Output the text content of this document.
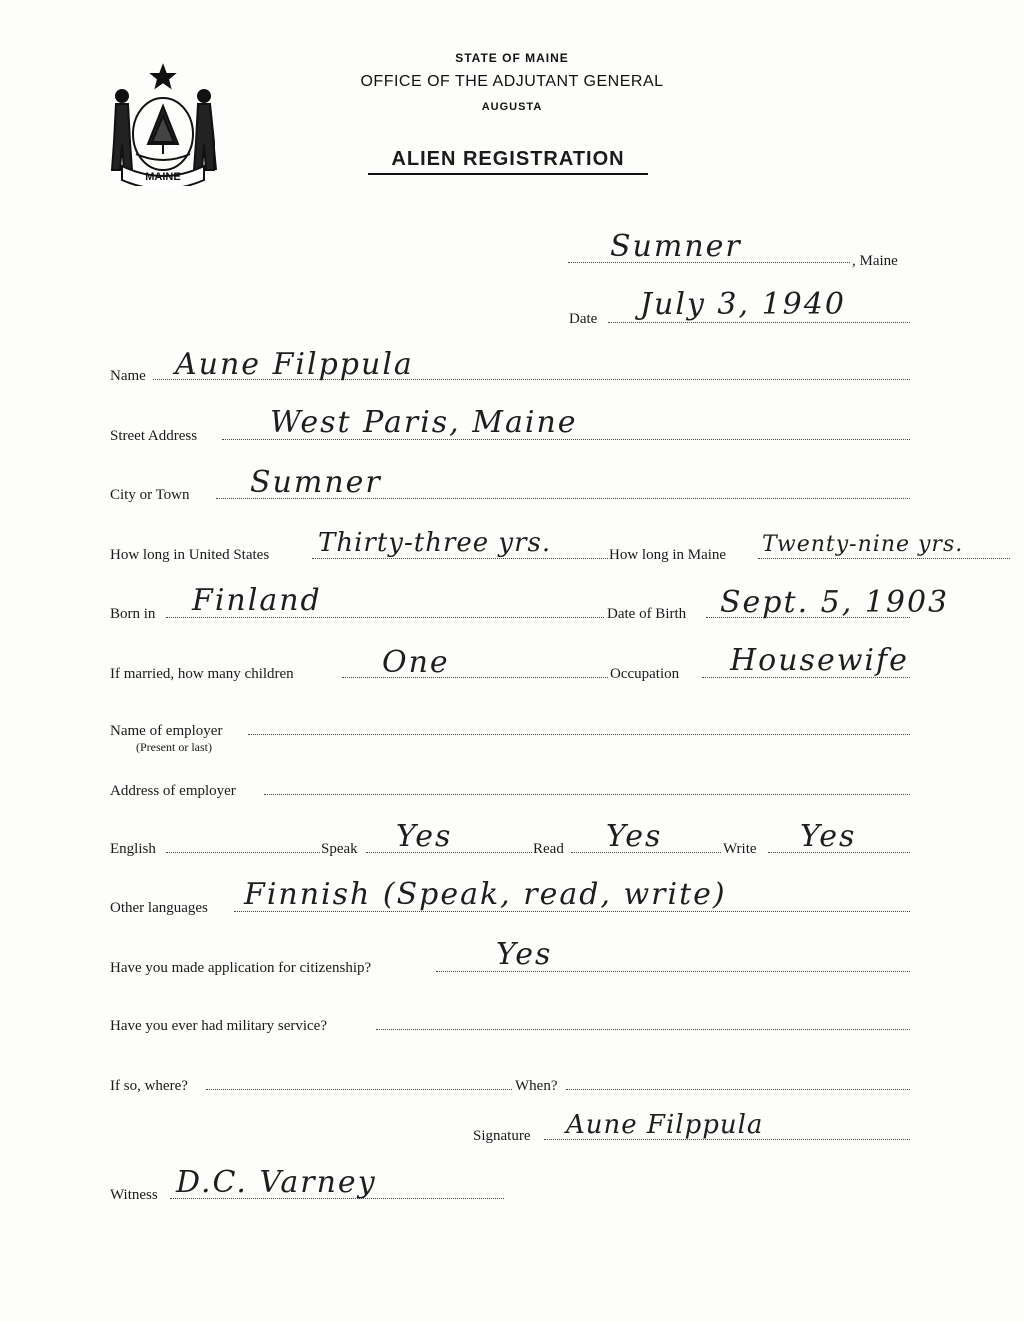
MAINE
STATE OF MAINE
OFFICE OF THE ADJUTANT GENERAL
AUGUSTA
ALIEN REGISTRATION
Sumner	, Maine
Date July 3, 1940
Name Aune Filppula
Street Address West Paris, Maine
City or Town Sumner
How long in United States Thirty-three yrs.	How long in Maine Twenty-nine yrs.
Born in Finland	Date of Birth Sept. 5, 1903
If married, how many children	One	Occupation Housewife
Name of employer
(Present or last)
Address of employer
English	Speak Yes	Read Yes	Write Yes
Other languages Finnish (Speak, read, write)
Have you made application for citizenship?	Yes
Have you ever had military service?
If so, where?	When?
Signature Aune Filppula
Witness D.C. Varney
